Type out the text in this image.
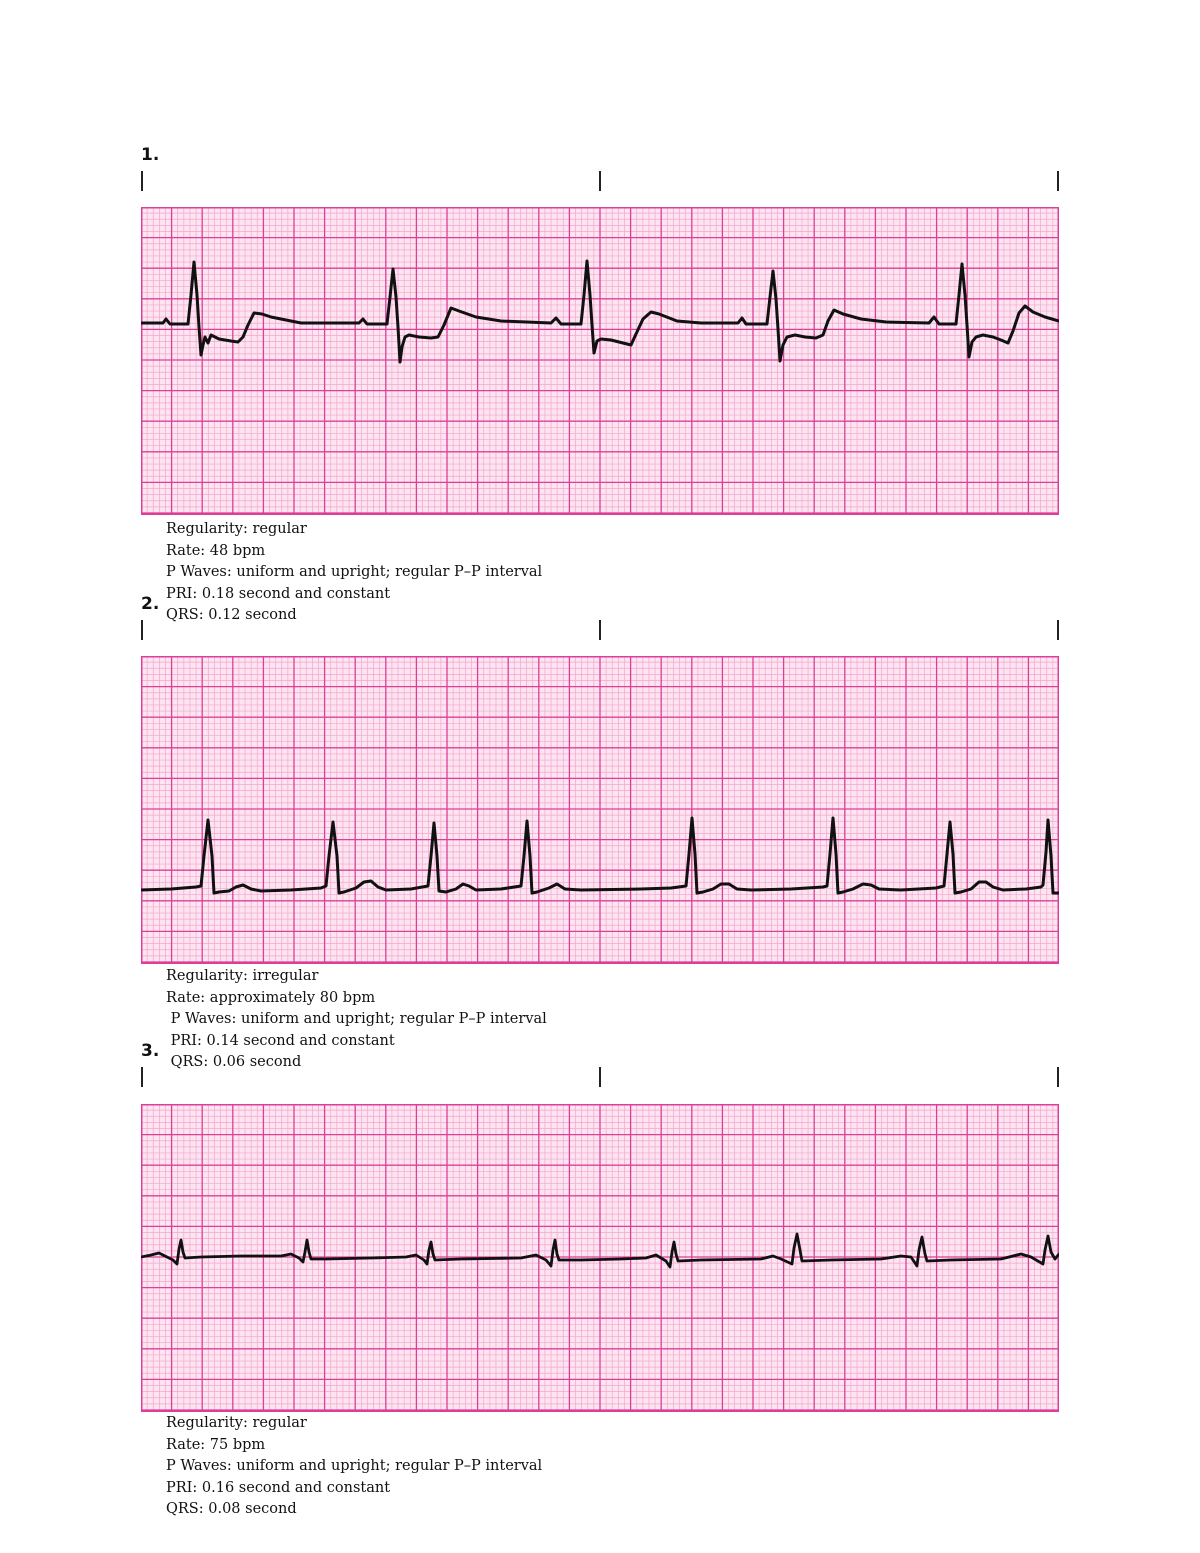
1.
Regularity: regular
Rate: 48 bpm
P Waves: uniform and upright; regular P–P interval
PRI: 0.18 second and constant
QRS: 0.12 second
2.
Regularity: irregular
Rate: approximately 80 bpm
P Waves: uniform and upright; regular P–P interval
PRI: 0.14 second and constant
QRS: 0.06 second
3.
Regularity: regular
Rate: 75 bpm
P Waves: uniform and upright; regular P–P interval
PRI: 0.16 second and constant
QRS: 0.08 second
